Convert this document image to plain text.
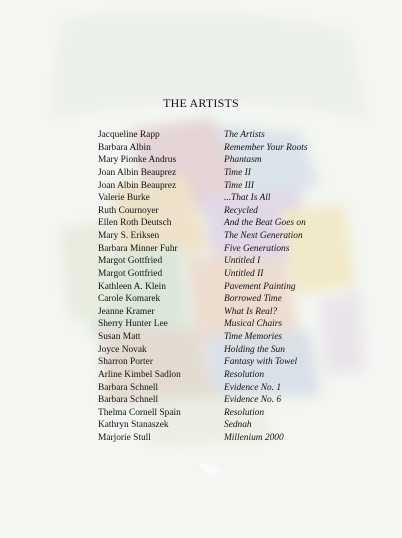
THE ARTISTS
Jacqueline Rapp	The Artists
Barbara Albin	Remember Your Roots
Mary Pionke Andrus	Phantasm
Joan Albin Beauprez	Time II
Joan Albin Beauprez	Time III
Valerie Burke	...That Is All
Ruth Cournoyer	Recycled
Ellen Roth Deutsch	And the Beat Goes on
Mary S. Eriksen	The Next Generation
Barbara Minner Fuhr	Five Generations
Margot Gottfried	Untitled I
Margot Gottfried	Untitled II
Kathleen A. Klein	Pavement Painting
Carole Komarek	Borrowed Time
Jeanne Kramer	What Is Real?
Sherry Hunter Lee	Musical Chairs
Susan Matt	Time Memories
Joyce Novak	Holding the Sun
Sharron Porter	Fantasy with Towel
Arline Kimbel Sadlon	Resolution
Barbara Schnell	Evidence No. 1
Barbara Schnell	Evidence No. 6
Thelma Cornell Spain	Resolution
Kathryn Stanaszek	Sednah
Marjorie Stull	Millenium 2000
